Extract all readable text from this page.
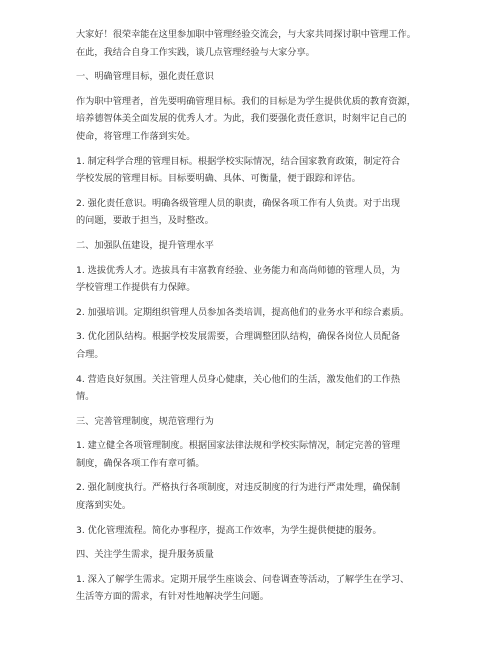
大家好！很荣幸能在这里参加职中管理经验交流会，与大家共同探讨职中管理工作。
在此，我结合自身工作实践，谈几点管理经验与大家分享。

一、明确管理目标，强化责任意识

作为职中管理者，首先要明确管理目标。我们的目标是为学生提供优质的教育资源，
培养德智体美全面发展的优秀人才。为此，我们要强化责任意识，时刻牢记自己的
使命，将管理工作落到实处。

1. 制定科学合理的管理目标。根据学校实际情况，结合国家教育政策，制定符合
学校发展的管理目标。目标要明确、具体、可衡量，便于跟踪和评估。

2. 强化责任意识。明确各级管理人员的职责，确保各项工作有人负责。对于出现
的问题，要敢于担当，及时整改。

二、加强队伍建设，提升管理水平

1. 选拔优秀人才。选拔具有丰富教育经验、业务能力和高尚师德的管理人员，为
学校管理工作提供有力保障。

2. 加强培训。定期组织管理人员参加各类培训，提高他们的业务水平和综合素质。

3. 优化团队结构。根据学校发展需要，合理调整团队结构，确保各岗位人员配备
合理。

4. 营造良好氛围。关注管理人员身心健康，关心他们的生活，激发他们的工作热
情。

三、完善管理制度，规范管理行为

1. 建立健全各项管理制度。根据国家法律法规和学校实际情况，制定完善的管理
制度，确保各项工作有章可循。

2. 强化制度执行。严格执行各项制度，对违反制度的行为进行严肃处理，确保制
度落到实处。

3. 优化管理流程。简化办事程序，提高工作效率，为学生提供便捷的服务。

四、关注学生需求，提升服务质量

1. 深入了解学生需求。定期开展学生座谈会、问卷调查等活动，了解学生在学习、
生活等方面的需求，有针对性地解决学生问题。
